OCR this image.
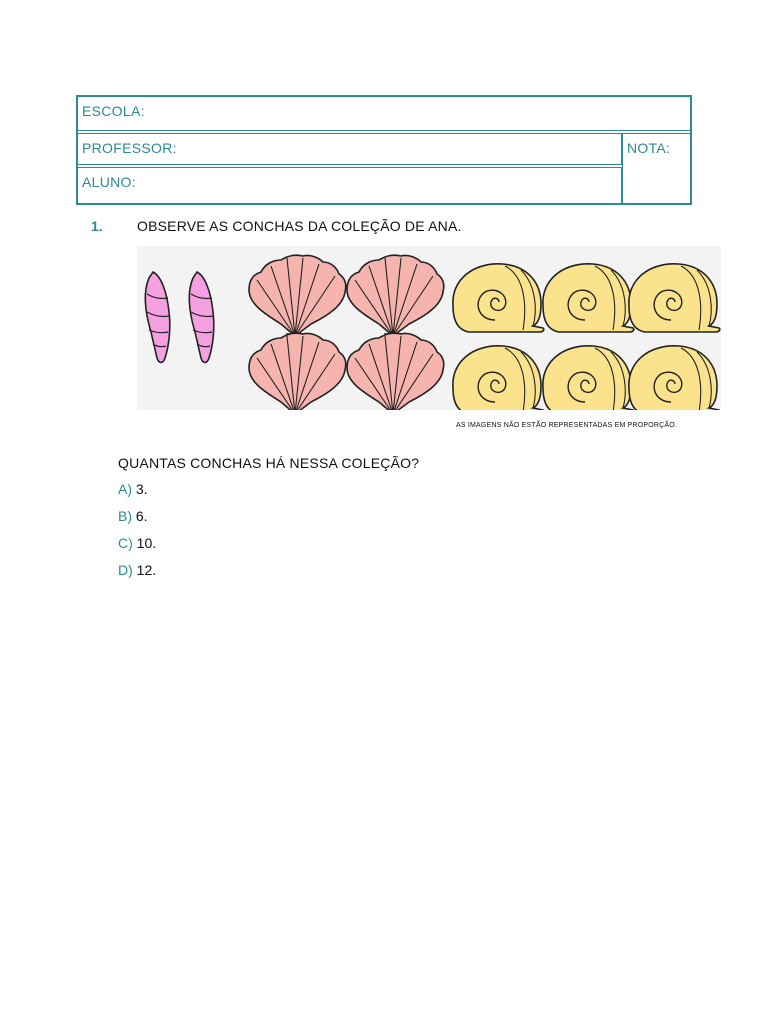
ESCOLA:
PROFESSOR:
ALUNO:
NOTA:
1. OBSERVE AS CONCHAS DA COLEÇÃO DE ANA.
AS IMAGENS NÃO ESTÃO REPRESENTADAS EM PROPORÇÃO.
QUANTAS CONCHAS HÁ NESSA COLEÇÃO?
A) 3.
B) 6.
C) 10.
D) 12.
